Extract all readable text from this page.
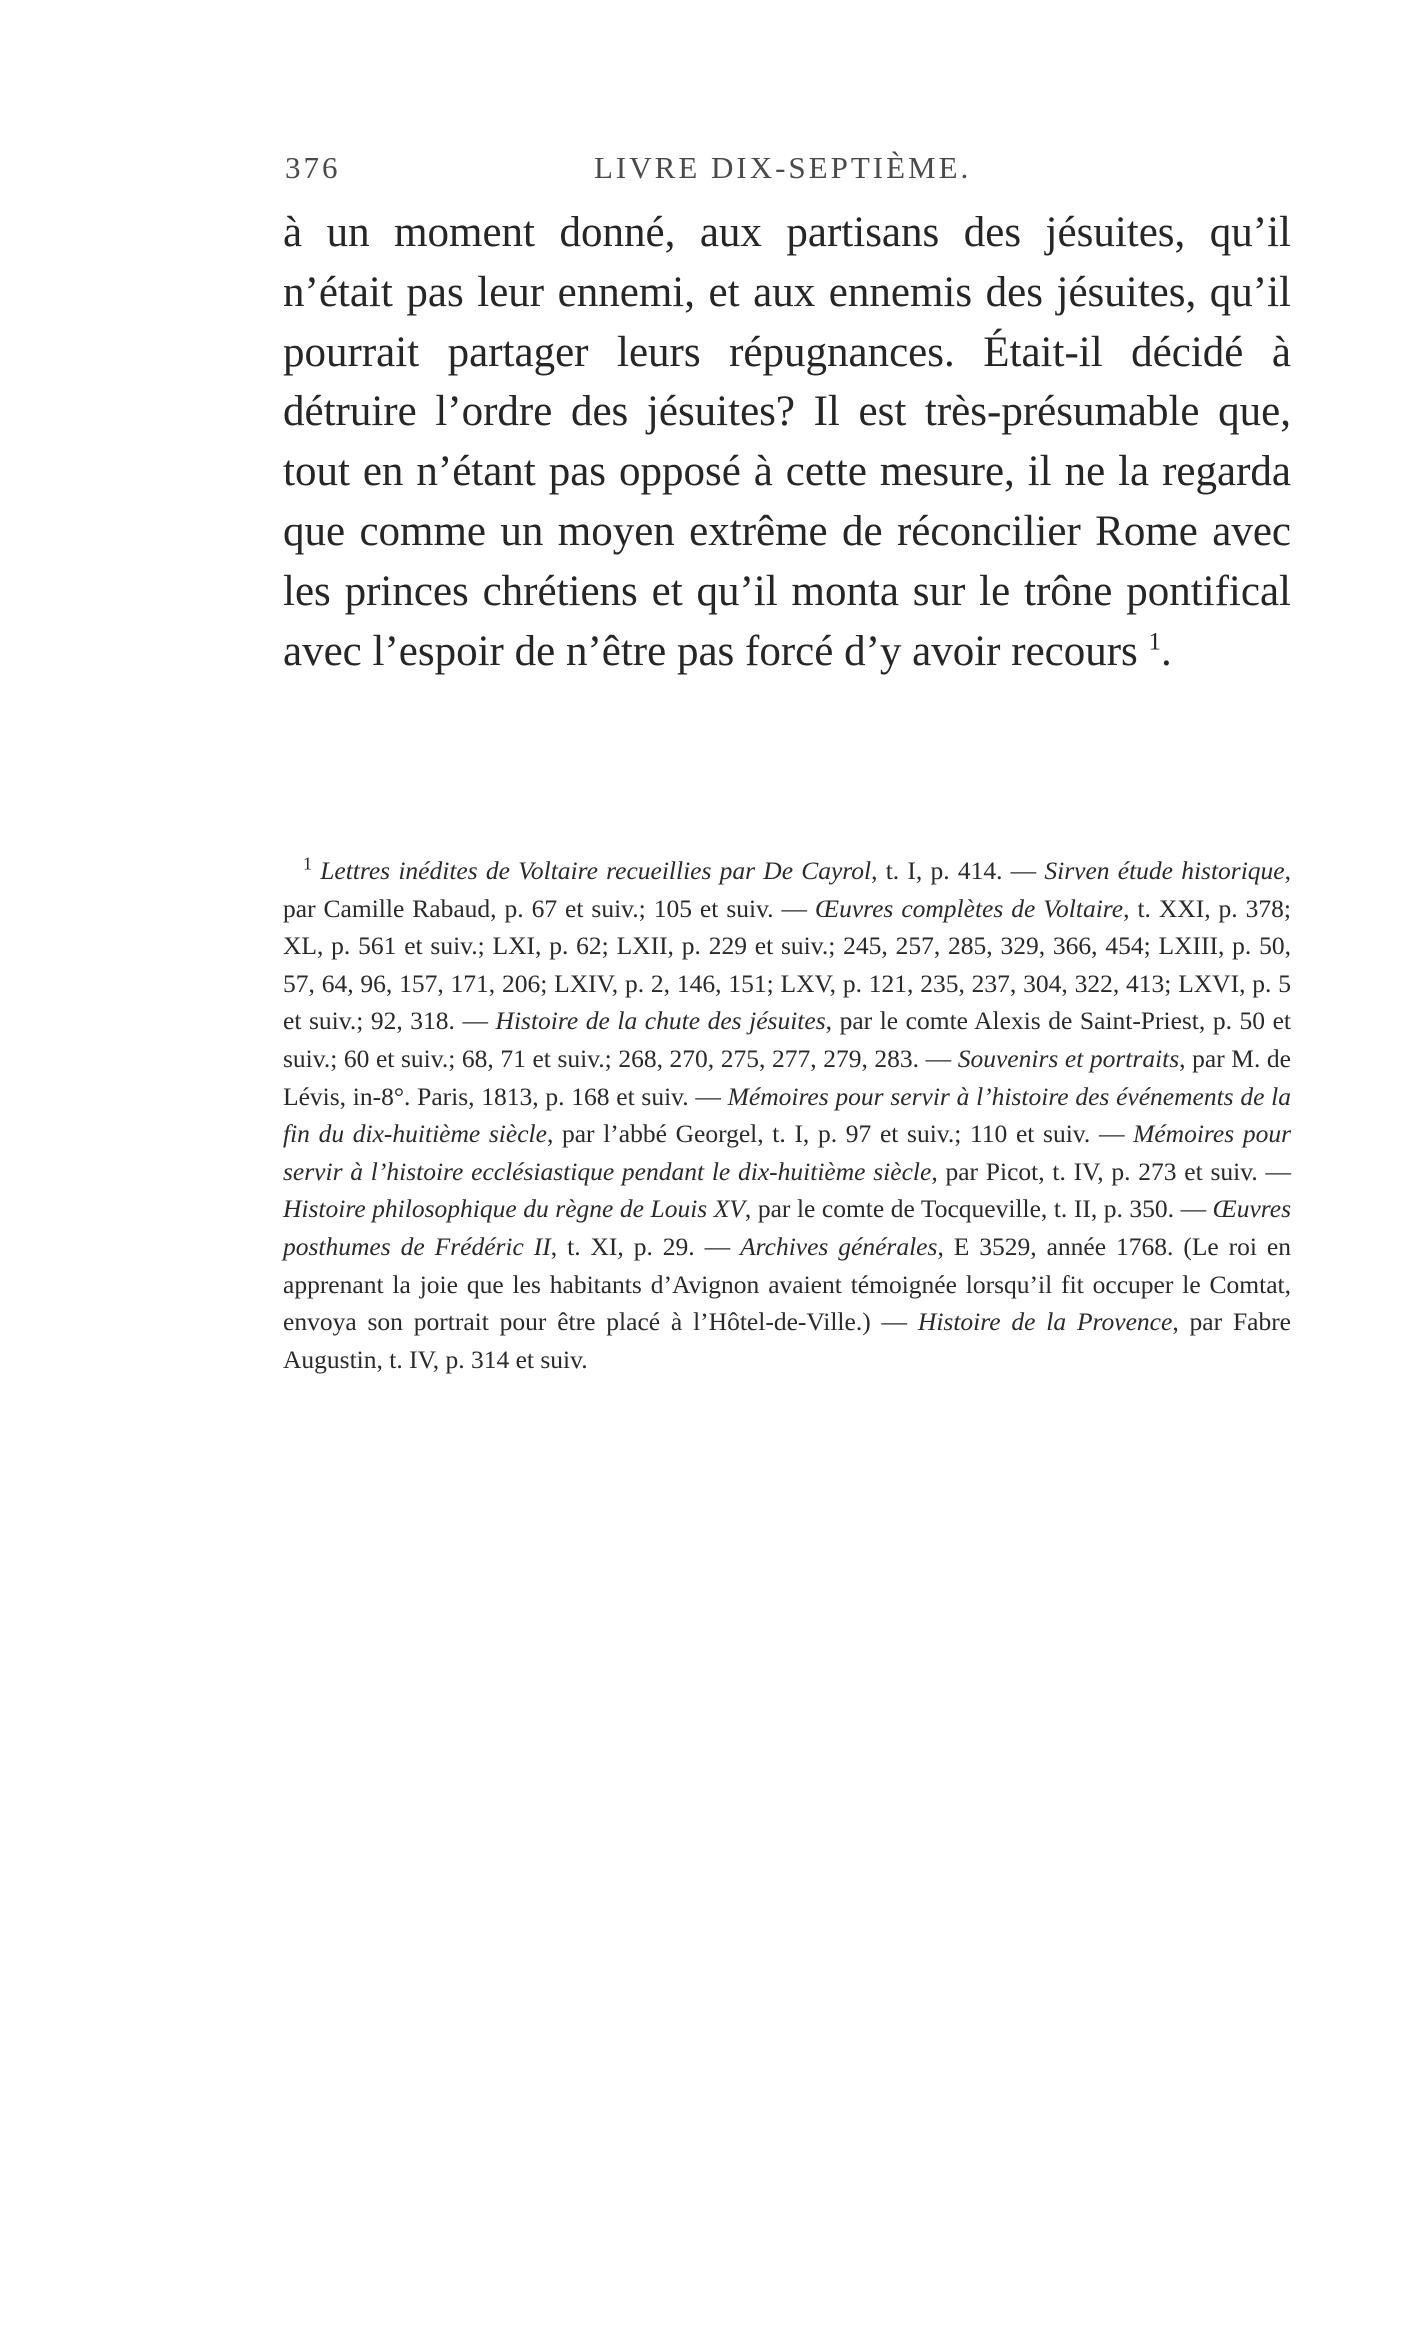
376	LIVRE DIX-SEPTIÈME.

à un moment donné, aux partisans des jésuites, qu’il n’était pas leur ennemi, et aux ennemis des jésuites, qu’il pourrait partager leurs répugnances. Était-il décidé à détruire l’ordre des jésuites? Il est très-présumable que, tout en n’étant pas opposé à cette mesure, il ne la regarda que comme un moyen extrême de réconcilier Rome avec les princes chrétiens et qu’il monta sur le trône pontifical avec l’espoir de n’être pas forcé d’y avoir recours $^1$.

$^1$ Lettres inédites de Voltaire recueillies par De Cayrol, t. I, p. 414. — Sirven étude historique, par Camille Rabaud, p. 67 et suiv.; 105 et suiv. — Œuvres complètes de Voltaire, t. XXI, p. 378; XL, p. 561 et suiv.; LXI, p. 62; LXII, p. 229 et suiv.; 245, 257, 285, 329, 366, 454; LXIII, p. 50, 57, 64, 96, 157, 171, 206; LXIV, p. 2, 146, 151; LXV, p. 121, 235, 237, 304, 322, 413; LXVI, p. 5 et suiv.; 92, 318. — Histoire de la chute des jésuites, par le comte Alexis de Saint-Priest, p. 50 et suiv.; 60 et suiv.; 68, 71 et suiv.; 268, 270, 275, 277, 279, 283. — Souvenirs et portraits, par M. de Lévis, in-8°. Paris, 1813, p. 168 et suiv. — Mémoires pour servir à l’histoire des événements de la fin du dix-huitième siècle, par l’abbé Georgel, t. I, p. 97 et suiv.; 110 et suiv. — Mémoires pour servir à l’histoire ecclésiastique pendant le dix-huitième siècle, par Picot, t. IV, p. 273 et suiv. — Histoire philosophique du règne de Louis XV, par le comte de Tocqueville, t. II, p. 350. — Œuvres posthumes de Frédéric II, t. XI, p. 29. — Archives générales, E 3529, année 1768. (Le roi en apprenant la joie que les habitants d’Avignon avaient témoignée lorsqu’il fit occuper le Comtat, envoya son portrait pour être placé à l’Hôtel-de-Ville.) — Histoire de la Provence, par Fabre Augustin, t. IV, p. 314 et suiv.
